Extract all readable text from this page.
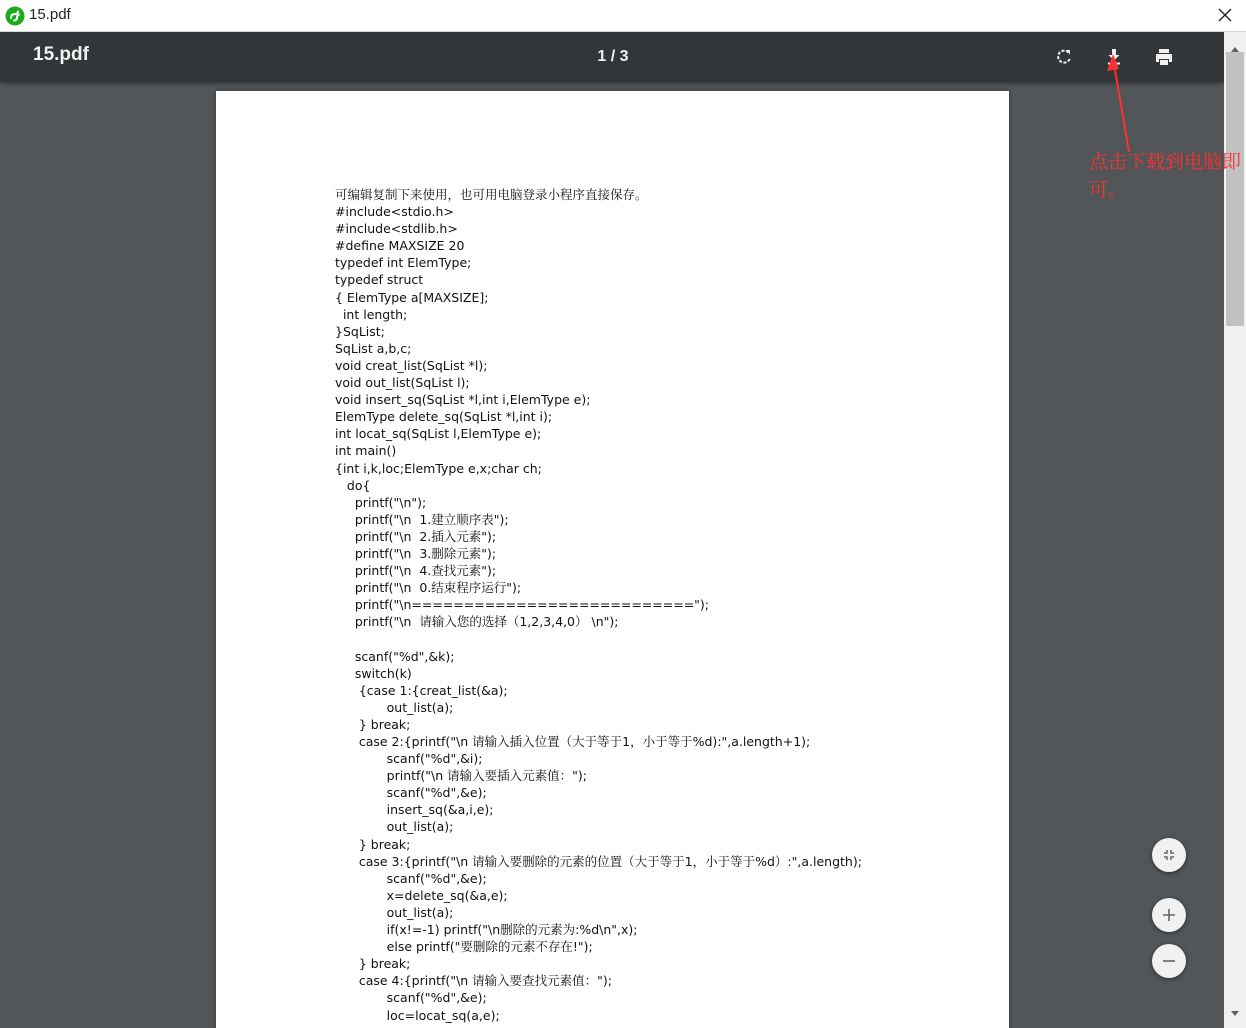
15.pdf
15.pdf	1 / 3
可编辑复制下来使用，也可用电脑登录小程序直接保存。
#include<stdio.h>
#include<stdlib.h>
#define MAXSIZE 20
typedef int ElemType;
typedef struct
{ ElemType a[MAXSIZE];
int length;
}SqList;
SqList a,b,c;
void creat_list(SqList *l);
void out_list(SqList l);
void insert_sq(SqList *l,int i,ElemType e);
ElemType delete_sq(SqList *l,int i);
int locat_sq(SqList l,ElemType e);
int main()
{int i,k,loc;ElemType e,x;char ch;
do{
printf("\n");
printf("\n  1.建立顺序表");
printf("\n  2.插入元素");
printf("\n  3.删除元素");
printf("\n  4.查找元素");
printf("\n  0.结束程序运行");
printf("\n===========================");
printf("\n  请输入您的选择（1,2,3,4,0） \n");
scanf("%d",&k);
switch(k)
{case 1:{creat_list(&a);
out_list(a);
} break;
case 2:{printf("\n 请输入插入位置（大于等于1，小于等于%d):",a.length+1);
scanf("%d",&i);
printf("\n 请输入要插入元素值：");
scanf("%d",&e);
insert_sq(&a,i,e);
out_list(a);
} break;
case 3:{printf("\n 请输入要删除的元素的位置（大于等于1，小于等于%d）:",a.length);
scanf("%d",&e);
x=delete_sq(&a,e);
out_list(a);
if(x!=-1) printf("\n删除的元素为:%d\n",x);
else printf("要删除的元素不存在!");
} break;
case 4:{printf("\n 请输入要查找元素值：");
scanf("%d",&e);
loc=locat_sq(a,e);
点击下载到电脑即可。
